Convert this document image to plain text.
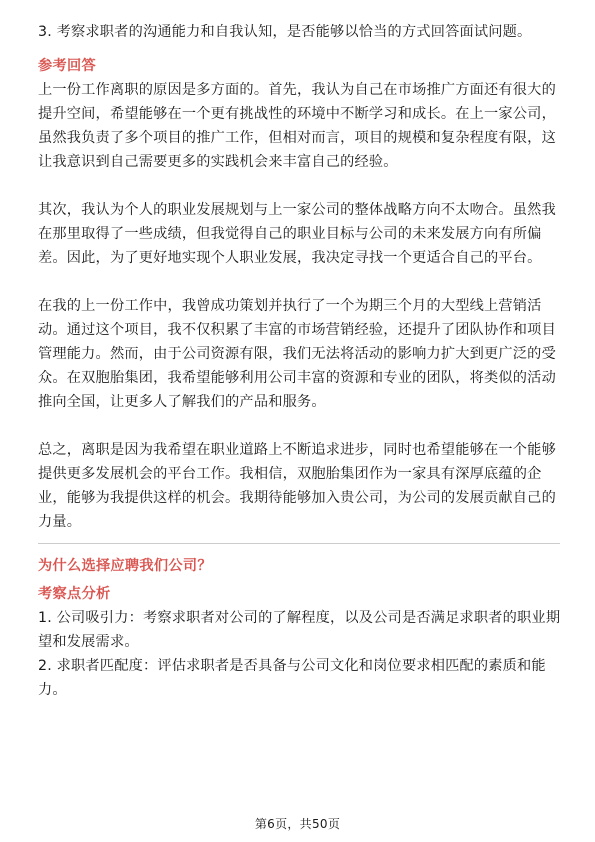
3. 考察求职者的沟通能力和自我认知，是否能够以恰当的方式回答面试问题。
参考回答
上一份工作离职的原因是多方面的。首先，我认为自己在市场推广方面还有很大的
提升空间，希望能够在一个更有挑战性的环境中不断学习和成长。在上一家公司，
虽然我负责了多个项目的推广工作，但相对而言，项目的规模和复杂程度有限，这
让我意识到自己需要更多的实践机会来丰富自己的经验。
其次，我认为个人的职业发展规划与上一家公司的整体战略方向不太吻合。虽然我
在那里取得了一些成绩，但我觉得自己的职业目标与公司的未来发展方向有所偏
差。因此，为了更好地实现个人职业发展，我决定寻找一个更适合自己的平台。
在我的上一份工作中，我曾成功策划并执行了一个为期三个月的大型线上营销活
动。通过这个项目，我不仅积累了丰富的市场营销经验，还提升了团队协作和项目
管理能力。然而，由于公司资源有限，我们无法将活动的影响力扩大到更广泛的受
众。在双胞胎集团，我希望能够利用公司丰富的资源和专业的团队，将类似的活动
推向全国，让更多人了解我们的产品和服务。
总之，离职是因为我希望在职业道路上不断追求进步，同时也希望能够在一个能够
提供更多发展机会的平台工作。我相信，双胞胎集团作为一家具有深厚底蕴的企
业，能够为我提供这样的机会。我期待能够加入贵公司，为公司的发展贡献自己的
力量。
为什么选择应聘我们公司？
考察点分析
1. 公司吸引力：考察求职者对公司的了解程度，以及公司是否满足求职者的职业期
望和发展需求。
2. 求职者匹配度：评估求职者是否具备与公司文化和岗位要求相匹配的素质和能
力。
第6页，共50页
